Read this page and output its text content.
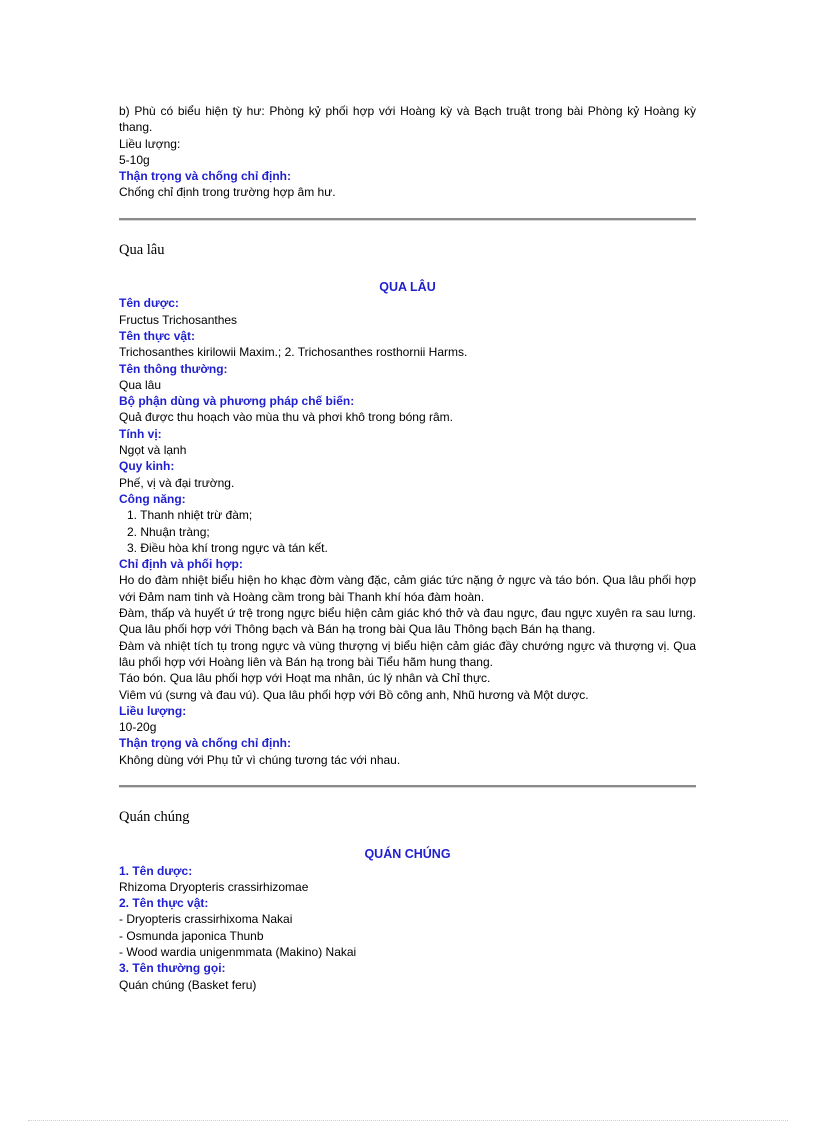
b) Phù có biểu hiện tỳ hư: Phòng kỷ phối hợp với Hoàng kỳ và Bạch truật trong bài Phòng kỷ Hoàng kỳ thang.

Liều lượng:

5-10g

Thận trọng và chống chỉ định:

Chống chỉ định trong trường hợp âm hư.

Qua lâu

QUA LÂU

Tên dược:

Fructus Trichosanthes

Tên thực vật:

Trichosanthes kirilowii Maxim.; 2. Trichosanthes rosthornii Harms.

Tên thông thường:

Qua lâu

Bộ phận dùng và phương pháp chế biến:

Quả được thu hoạch vào mùa thu và phơi khô trong bóng râm.

Tính vị:

Ngọt và lạnh

Quy kinh:

Phế, vị và đại trường.

Công năng:

1. Thanh nhiệt trừ đàm;

2. Nhuận tràng;

3. Điều hòa khí trong ngực và tán kết.

Chỉ định và phối hợp:

Ho do đàm nhiệt biểu hiện ho khạc đờm vàng đặc, cảm giác tức nặng ở ngực và táo bón. Qua lâu phối hợp với Đảm nam tinh và Hoàng cầm trong bài Thanh khí hóa đàm hoàn.

Đàm, thấp và huyết ứ trệ trong ngực biểu hiện cảm giác khó thở và đau ngực, đau ngực xuyên ra sau lưng. Qua lâu phối hợp với Thông bạch và Bán hạ trong bài Qua lâu Thông bạch Bán hạ thang.

Đàm và nhiệt tích tụ trong ngực và vùng thượng vị biểu hiện cảm giác đầy chướng ngực và thượng vị. Qua lâu phối hợp với Hoàng liên và Bán hạ trong bài Tiểu hãm hung thang.

Táo bón. Qua lâu phối hợp với Hoạt ma nhân, úc lý nhân và Chỉ thực.

Viêm vú (sưng và đau vú). Qua lâu phối hợp với Bồ công anh, Nhũ hương và Một dược.

Liều lượng:

10-20g

Thận trọng và chống chỉ định:

Không dùng với Phụ tử vì chúng tương tác với nhau.

Quán chúng

QUÁN CHÚNG

1. Tên dược:

Rhizoma Dryopteris crassirhizomae

2. Tên thực vật:

- Dryopteris crassirhixoma Nakai

- Osmunda japonica Thunb

- Wood wardia unigenmmata (Makino) Nakai

3. Tên thường gọi:

Quán chúng (Basket feru)
